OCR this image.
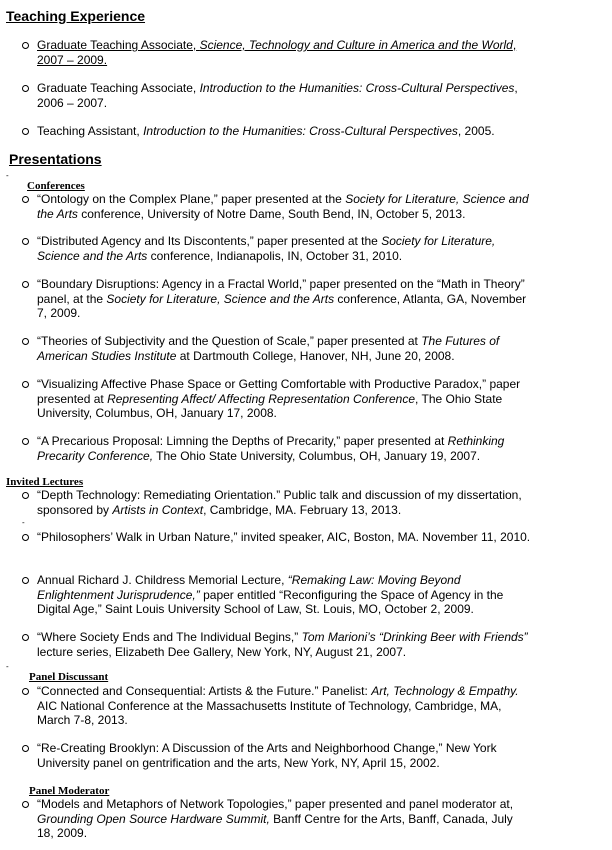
Teaching Experience
Graduate Teaching Associate, Science, Technology and Culture in America and the World, 2007 – 2009.
Graduate Teaching Associate, Introduction to the Humanities: Cross-Cultural Perspectives, 2006 – 2007.
Teaching Assistant, Introduction to the Humanities: Cross-Cultural Perspectives, 2005.
Presentations
-
Conferences
“Ontology on the Complex Plane,” paper presented at the Society for Literature, Science and the Arts conference, University of Notre Dame, South Bend, IN, October 5, 2013.
“Distributed Agency and Its Discontents,” paper presented at the Society for Literature, Science and the Arts conference, Indianapolis, IN, October 31, 2010.
“Boundary Disruptions: Agency in a Fractal World,” paper presented on the “Math in Theory” panel, at the Society for Literature, Science and the Arts conference, Atlanta, GA, November 7, 2009.
“Theories of Subjectivity and the Question of Scale,” paper presented at The Futures of American Studies Institute at Dartmouth College, Hanover, NH, June 20, 2008.
“Visualizing Affective Phase Space or Getting Comfortable with Productive Paradox,” paper presented at Representing Affect/ Affecting Representation Conference, The Ohio State University, Columbus, OH, January 17, 2008.
“A Precarious Proposal: Limning the Depths of Precarity,” paper presented at Rethinking Precarity Conference, The Ohio State University, Columbus, OH, January 19, 2007.
Invited Lectures
“Depth Technology: Remediating Orientation.” Public talk and discussion of my dissertation, sponsored by Artists in Context, Cambridge, MA. February 13, 2013.
-
“Philosophers’ Walk in Urban Nature,” invited speaker, AIC, Boston, MA. November 11, 2010.
Annual Richard J. Childress Memorial Lecture, “Remaking Law: Moving Beyond Enlightenment Jurisprudence,” paper entitled “Reconfiguring the Space of Agency in the Digital Age,” Saint Louis University School of Law, St. Louis, MO, October 2, 2009.
“Where Society Ends and The Individual Begins,” Tom Marioni’s “Drinking Beer with Friends” lecture series, Elizabeth Dee Gallery, New York, NY, August 21, 2007.
-
Panel Discussant
“Connected and Consequential: Artists & the Future.” Panelist: Art, Technology & Empathy. AIC National Conference at the Massachusetts Institute of Technology, Cambridge, MA, March 7-8, 2013.
“Re-Creating Brooklyn: A Discussion of the Arts and Neighborhood Change,” New York University panel on gentrification and the arts, New York, NY, April 15, 2002.
Panel Moderator
“Models and Metaphors of Network Topologies,” paper presented and panel moderator at, Grounding Open Source Hardware Summit, Banff Centre for the Arts, Banff, Canada, July 18, 2009.
